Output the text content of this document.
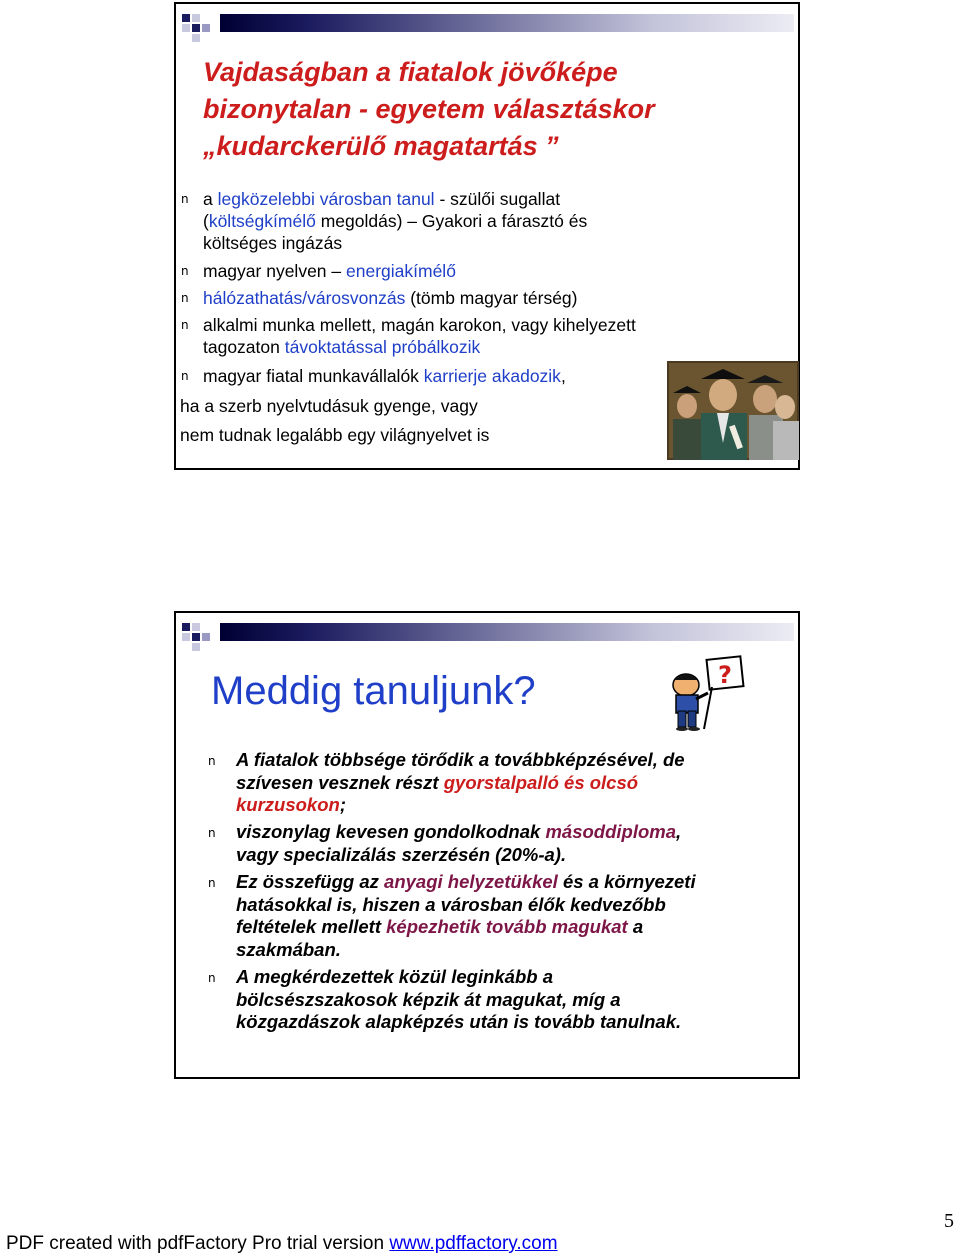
Vajdaságban a fiatalok jövőképe
bizonytalan - egyetem választáskor
„kudarckerülő magatartás ”
n a legközelebbi városban tanul - szülői sugallat
(költségkímélő megoldás) – Gyakori a fárasztó és
költséges ingázás
n magyar nyelven – energiakímélő
n hálózathatás/városvonzás (tömb magyar térség)
n alkalmi munka mellett, magán karokon, vagy kihelyezett
tagozaton távoktatással próbálkozik
n magyar fiatal munkavállalók karrierje akadozik,
ha a szerb nyelvtudásuk gyenge, vagy
nem tudnak legalább egy világnyelvet is
Meddig tanuljunk?	?
n A fiatalok többsége törődik a továbbképzésével, de
szívesen vesznek részt gyorstalpalló és olcsó
kurzusokon;
n viszonylag kevesen gondolkodnak másoddiploma,
vagy specializálás szerzésén (20%-a).
n Ez összefügg az anyagi helyzetükkel és a környezeti
hatásokkal is, hiszen a városban élők kedvezőbb
feltételek mellett képezhetik tovább magukat a
szakmában.
n A megkérdezettek közül leginkább a
bölcsészszakosok képzik át magukat, míg a
közgazdászok alapképzés után is tovább tanulnak.
5
PDF created with pdfFactory Pro trial version www.pdffactory.com
